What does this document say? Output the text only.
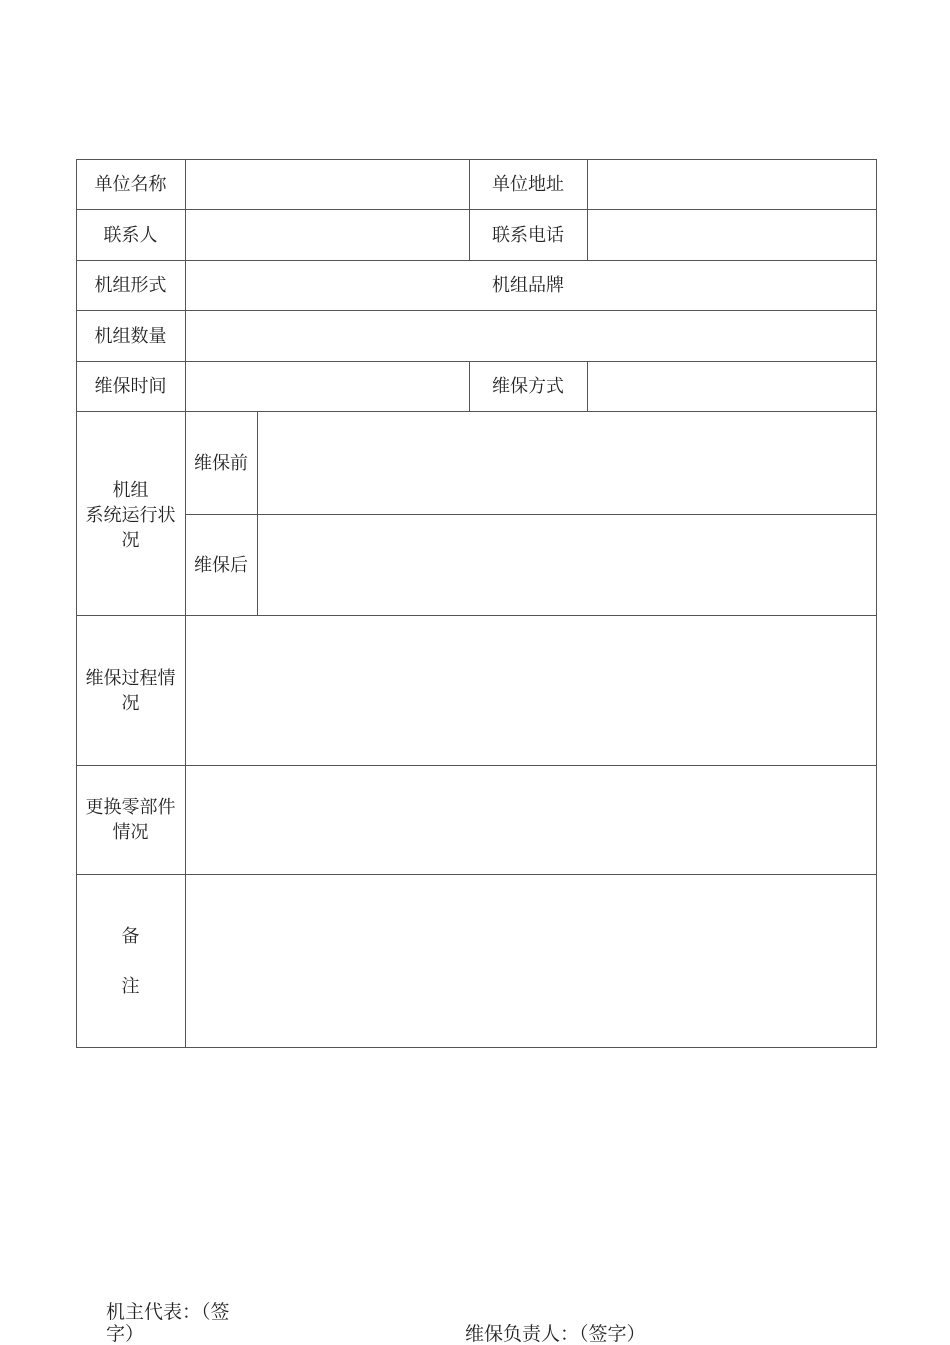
单位名称	单位地址
联系人	联系电话
机组形式	机组品牌
机组数量
维保时间	维保方式
机组
系统运行状
况
维保前
维保后
维保过程情
况
更换零部件
情况
备
注
机主代表：（签
字）	维保负责人：（签字）
